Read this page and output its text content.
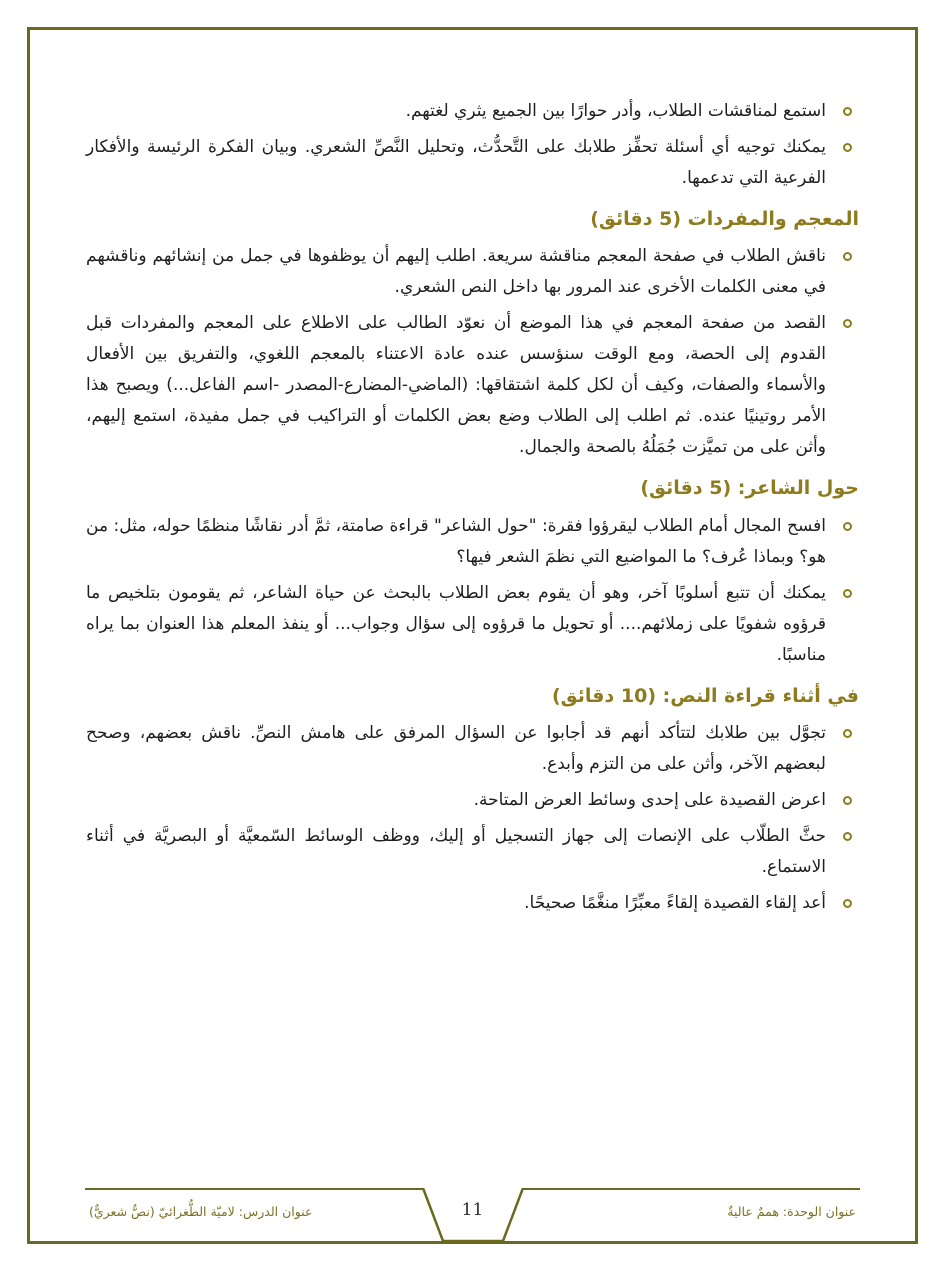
استمع لمناقشات الطلاب، وأدر حوارًا بين الجميع يثري لغتهم.
يمكنك توجيه أي أسئلة تحفِّز طلابك على التَّحدُّث، وتحليل النَّصِّ الشعري. وبيان الفكرة الرئيسة والأفكار الفرعية التي تدعمها.
المعجم والمفردات (5 دقائق)
ناقش الطلاب في صفحة المعجم مناقشة سريعة. اطلب إليهم أن يوظفوها في جمل من إنشائهم وناقشهم في معنى الكلمات الأخرى عند المرور بها داخل النص الشعري.
القصد من صفحة المعجم في هذا الموضع أن نعوّد الطالب على الاطلاع على المعجم والمفردات قبل القدوم إلى الحصة، ومع الوقت سنؤسس عنده عادة الاعتناء بالمعجم اللغوي، والتفريق بين الأفعال والأسماء والصفات، وكيف أن لكل كلمة اشتقاقها: (الماضي-المضارع-المصدر -اسم الفاعل...) ويصبح هذا الأمر روتينيًا عنده. ثم اطلب إلى الطلاب وضع بعض الكلمات أو التراكيب في جمل مفيدة، استمع إليهم، وأثن على من تميَّزت جُمَلُهُ بالصحة والجمال.
حول الشاعر: (5 دقائق)
افسح المجال أمام الطلاب ليقرؤوا فقرة: "حول الشاعر" قراءة صامتة، ثمَّ أدر نقاشًا منظمًا حوله، مثل: من هو؟ وبماذا عُرف؟ ما المواضيع التي نظمَ الشعر فيها؟
يمكنك أن تتبع أسلوبًا آخر، وهو أن يقوم بعض الطلاب بالبحث عن حياة الشاعر، ثم يقومون بتلخيص ما قرؤوه شفويًا على زملائهم.... أو تحويل ما قرؤوه إلى سؤال وجواب... أو ينفذ المعلم هذا العنوان بما يراه مناسبًا.
في أثناء قراءة النص: (10 دقائق)
تجوَّل بين طلابك لتتأكد أنهم قد أجابوا عن السؤال المرفق على هامش النصِّ. ناقش بعضهم، وصحح لبعضهم الآخر، وأثن على من التزم وأبدع.
اعرض القصيدة على إحدى وسائط العرض المتاحة.
حثَّ الطلّاب على الإنصات إلى جهاز التسجيل أو إليك، ووظف الوسائط السّمعيَّة أو البصريَّة في أثناء الاستماع.
أعد إلقاء القصيدة إلقاءً معبِّرًا منغَّمًا صحيحًا.
11
عنوان الدرس: لاميّة الطُّغرائيّ (نصٌّ شعريٌّ)	عنوان الوحدة: هممٌ عاليةٌ
